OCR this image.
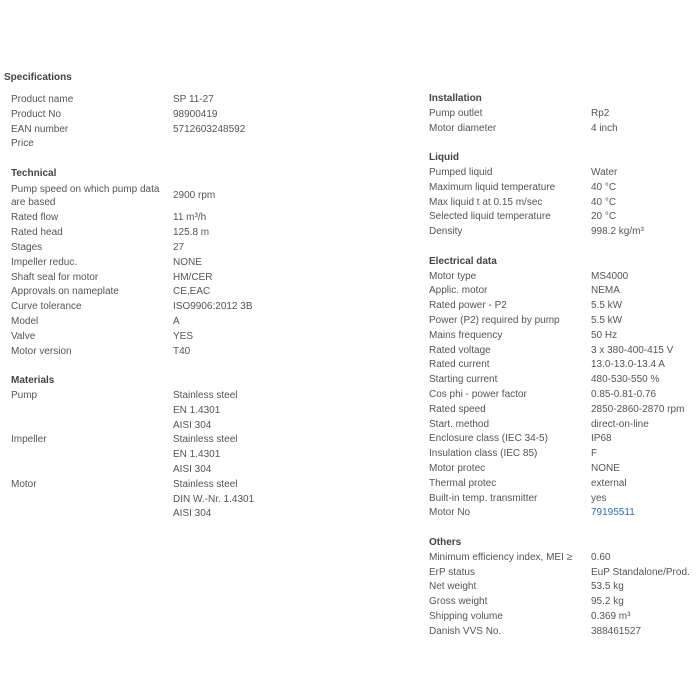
Specifications
Product name	SP 11-27
Product No	98900419
EAN number	5712603248592
Price
Technical
Pump speed on which pump data are based
2900 rpm
Rated flow	11 m³/h
Rated head	125.8 m
Stages	27
Impeller reduc.	NONE
Shaft seal for motor	HM/CER
Approvals on nameplate	CE,EAC
Curve tolerance	ISO9906:2012 3B
Model	A
Valve	YES
Motor version	T40
Materials
Pump	Stainless steel
EN 1.4301
AISI 304
Impeller	Stainless steel
EN 1.4301
AISI 304
Motor	Stainless steel
DIN W.-Nr. 1.4301
AISI 304
Installation
Pump outlet	Rp2
Motor diameter	4 inch
Liquid
Pumped liquid	Water
Maximum liquid temperature	40 °C
Max liquid t at 0.15 m/sec	40 °C
Selected liquid temperature	20 °C
Density	998.2 kg/m³
Electrical data
Motor type	MS4000
Applic. motor	NEMA
Rated power - P2	5.5 kW
Power (P2) required by pump	5.5 kW
Mains frequency	50 Hz
Rated voltage	3 x 380-400-415 V
Rated current	13.0-13.0-13.4 A
Starting current	480-530-550 %
Cos phi - power factor	0.85-0.81-0.76
Rated speed	2850-2860-2870 rpm
Start. method	direct-on-line
Enclosure class (IEC 34-5)	IP68
Insulation class (IEC 85)	F
Motor protec	NONE
Thermal protec	external
Built-in temp. transmitter	yes
Motor No	79195511
Others
Minimum efficiency index, MEI ≥	0.60
ErP status	EuP Standalone/Prod.
Net weight	53.5 kg
Gross weight	95.2 kg
Shipping volume	0.369 m³
Danish VVS No.	388461527
